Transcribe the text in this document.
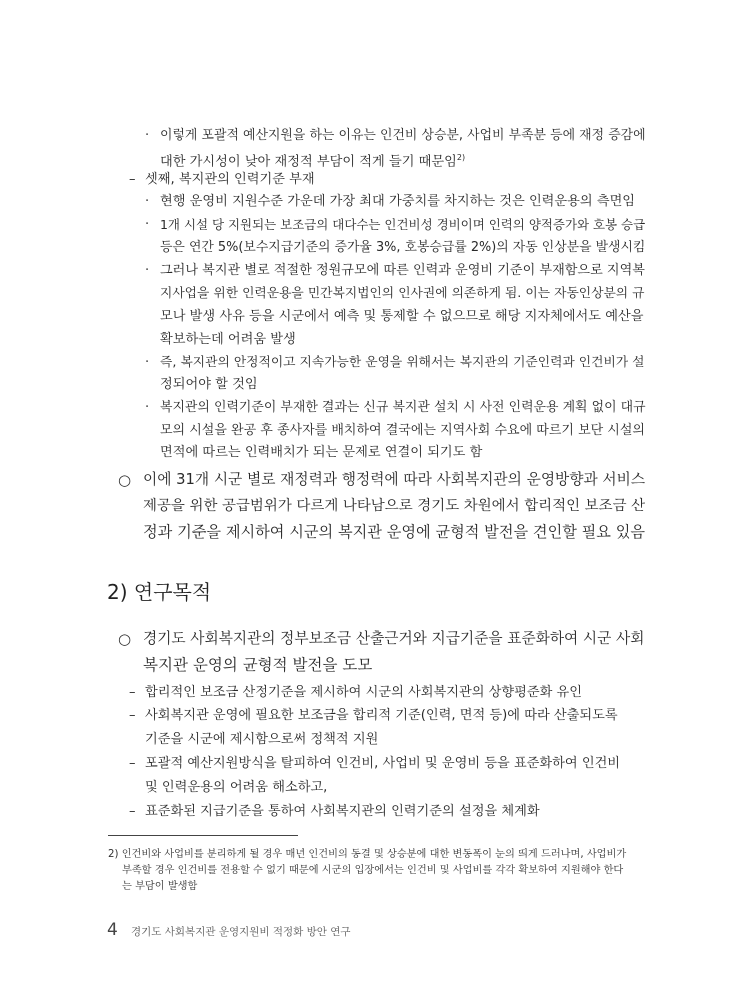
· 이렇게 포괄적 예산지원을 하는 이유는 인건비 상승분, 사업비 부족분 등에 재정 증감에
대한 가시성이 낮아 재정적 부담이 적게 들기 때문임$^{2)}$
– 셋째, 복지관의 인력기준 부재
· 현행 운영비 지원수준 가운데 가장 최대 가중치를 차지하는 것은 인력운용의 측면임
· 1개 시설 당 지원되는 보조금의 대다수는 인건비성 경비이며 인력의 양적증가와 호봉 승급
등은 연간 5%(보수지급기준의 증가율 3%, 호봉승급률 2%)의 자동 인상분을 발생시킴
· 그러나 복지관 별로 적절한 정원규모에 따른 인력과 운영비 기준이 부재함으로 지역복
지사업을 위한 인력운용을 민간복지법인의 인사권에 의존하게 됨. 이는 자동인상분의 규
모나 발생 사유 등을 시군에서 예측 및 통제할 수 없으므로 해당 지자체에서도 예산을
확보하는데 어려움 발생
· 즉, 복지관의 안정적이고 지속가능한 운영을 위해서는 복지관의 기준인력과 인건비가 설
정되어야 할 것임
· 복지관의 인력기준이 부재한 결과는 신규 복지관 설치 시 사전 인력운용 계획 없이 대규
모의 시설을 완공 후 종사자를 배치하여 결국에는 지역사회 수요에 따르기 보단 시설의
면적에 따르는 인력배치가 되는 문제로 연결이 되기도 함
○ 이에 31개 시군 별로 재정력과 행정력에 따라 사회복지관의 운영방향과 서비스
제공을 위한 공급범위가 다르게 나타남으로 경기도 차원에서 합리적인 보조금 산
정과 기준을 제시하여 시군의 복지관 운영에 균형적 발전을 견인할 필요 있음
2) 연구목적
○ 경기도 사회복지관의 정부보조금 산출근거와 지급기준을 표준화하여 시군 사회
복지관 운영의 균형적 발전을 도모
– 합리적인 보조금 산정기준을 제시하여 시군의 사회복지관의 상향평준화 유인
– 사회복지관 운영에 필요한 보조금을 합리적 기준(인력, 면적 등)에 따라 산출되도록
기준을 시군에 제시함으로써 정책적 지원
– 포괄적 예산지원방식을 탈피하여 인건비, 사업비 및 운영비 등을 표준화하여 인건비
및 인력운용의 어려움 해소하고,
– 표준화된 지급기준을 통하여 사회복지관의 인력기준의 설정을 체계화
2) 인건비와 사업비를 분리하게 될 경우 매년 인건비의 동결 및 상승분에 대한 변동폭이 눈의 띄게 드러나며, 사업비가
부족할 경우 인건비를 전용할 수 없기 때문에 시군의 입장에서는 인건비 및 사업비를 각각 확보하여 지원해야 한다
는 부담이 발생함
4 경기도 사회복지관 운영지원비 적정화 방안 연구
